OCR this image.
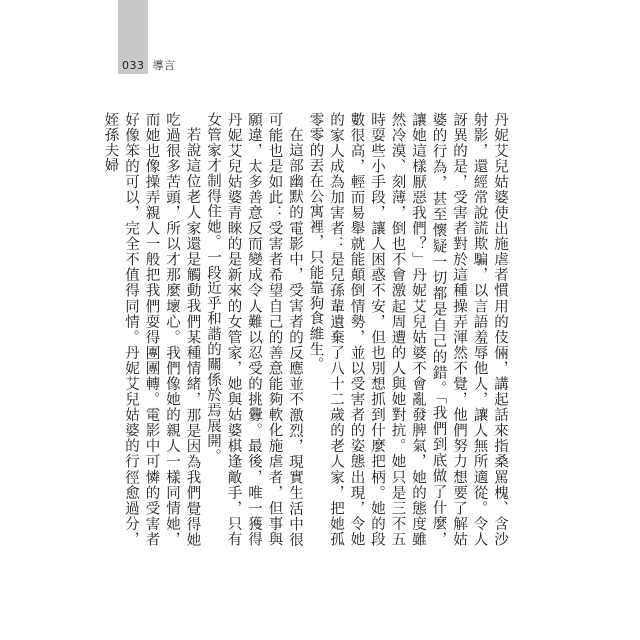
033 導言

丹妮艾兒姑婆使出施虐者慣用的伎倆，講起話來指桑罵槐、含沙射影，還經常說謊欺騙，以言語羞辱他人，讓人無所適從。令人訝異的是，受害者對於這種操弄渾然不覺，他們努力想要了解姑婆的行為，甚至懷疑一切都是自己的錯。「我們到底做了什麼，讓她這樣厭惡我們？」丹妮艾兒姑婆不會亂發脾氣，她的態度雖然冷漠、刻薄，倒也不會激起周遭的人與她對抗。她只是三不五時耍些小手段，讓人困惑不安，但也別想抓到什麼把柄。她的段數很高，輕而易舉就能顛倒情勢，並以受害者的姿態出現，令她的家人成為加害者：是兒孫輩遺棄了八十二歲的老人家，把她孤零零的丟在公寓裡，只能靠狗食維生。

在這部幽默的電影中，受害者的反應並不激烈，現實生活中很可能也是如此：受害者希望自己的善意能夠軟化施虐者，但事與願違，太多善意反而變成令人難以忍受的挑釁。最後，唯一獲得丹妮艾兒姑婆青睞的是新來的女管家，她與姑婆棋逢敵手，只有女管家才制得住她。一段近乎和諧的關係於焉展開。

若說這位老人家還是觸動我們某種情緒，那是因為我們覺得她吃過很多苦頭，所以才那麼壞心。我們像她的親人一樣同情她，而她也像操弄親人一般把我們耍得團團轉。電影中可憐的受害者好像笨的可以，完全不值得同情。丹妮艾兒姑婆的行徑愈過分，姪孫夫婦
